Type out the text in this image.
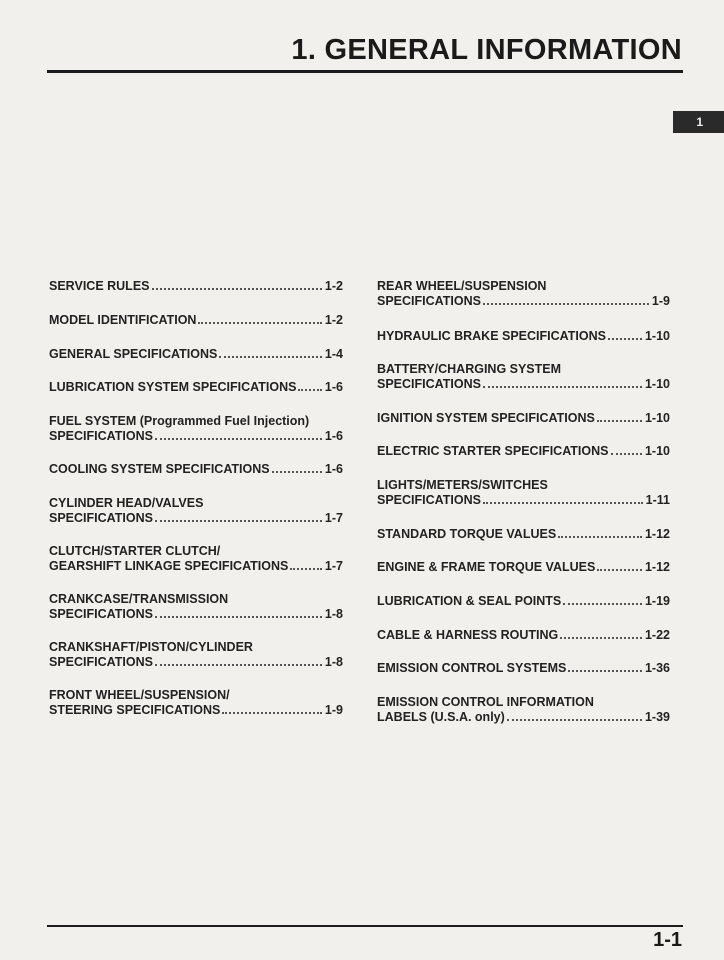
1. GENERAL INFORMATION
1
SERVICE RULES	1-2
MODEL IDENTIFICATION	1-2
GENERAL SPECIFICATIONS	1-4
LUBRICATION SYSTEM SPECIFICATIONS 1-6
FUEL SYSTEM (Programmed Fuel Injection)
SPECIFICATIONS	1-6
COOLING SYSTEM SPECIFICATIONS	1-6
CYLINDER HEAD/VALVES
SPECIFICATIONS	1-7
CLUTCH/STARTER CLUTCH/
GEARSHIFT LINKAGE SPECIFICATIONS	1-7
CRANKCASE/TRANSMISSION
SPECIFICATIONS	1-8
CRANKSHAFT/PISTON/CYLINDER
SPECIFICATIONS	1-8
FRONT WHEEL/SUSPENSION/
STEERING SPECIFICATIONS	1-9
REAR WHEEL/SUSPENSION
SPECIFICATIONS	1-9
HYDRAULIC BRAKE SPECIFICATIONS	1-10
BATTERY/CHARGING SYSTEM
SPECIFICATIONS	1-10
IGNITION SYSTEM SPECIFICATIONS	1-10
ELECTRIC STARTER SPECIFICATIONS	1-10
LIGHTS/METERS/SWITCHES
SPECIFICATIONS	1-11
STANDARD TORQUE VALUES	1-12
ENGINE & FRAME TORQUE VALUES	1-12
LUBRICATION & SEAL POINTS	1-19
CABLE & HARNESS ROUTING	1-22
EMISSION CONTROL SYSTEMS	1-36
EMISSION CONTROL INFORMATION
LABELS (U.S.A. only)	1-39
1-1
